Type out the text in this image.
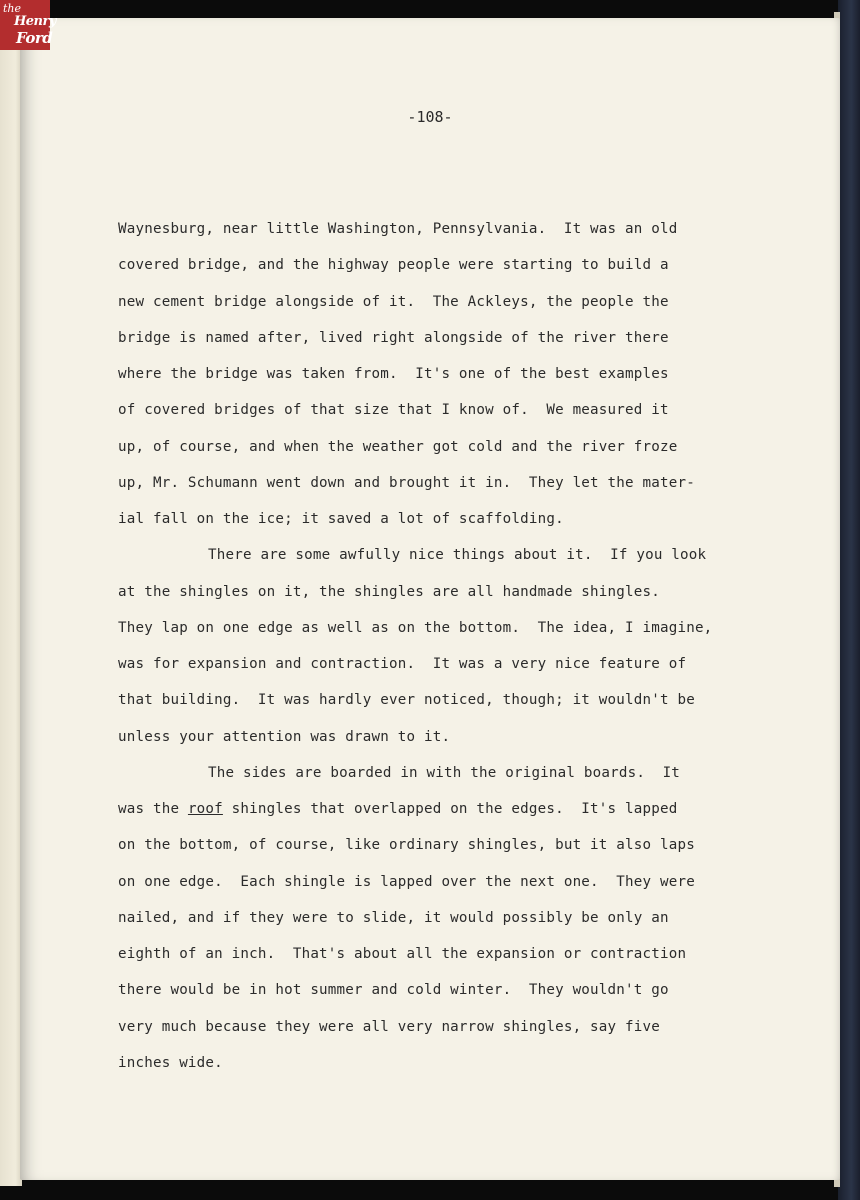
the
Henry
Ford
-108-
Waynesburg, near little Washington, Pennsylvania.  It was an old
covered bridge, and the highway people were starting to build a
new cement bridge alongside of it.  The Ackleys, the people the
bridge is named after, lived right alongside of the river there
where the bridge was taken from.  It's one of the best examples
of covered bridges of that size that I know of.  We measured it
up, of course, and when the weather got cold and the river froze
up, Mr. Schumann went down and brought it in.  They let the mater-
ial fall on the ice; it saved a lot of scaffolding.
There are some awfully nice things about it.  If you look
at the shingles on it, the shingles are all handmade shingles.
They lap on one edge as well as on the bottom.  The idea, I imagine,
was for expansion and contraction.  It was a very nice feature of
that building.  It was hardly ever noticed, though; it wouldn't be
unless your attention was drawn to it.
The sides are boarded in with the original boards.  It
was the roof shingles that overlapped on the edges.  It's lapped
on the bottom, of course, like ordinary shingles, but it also laps
on one edge.  Each shingle is lapped over the next one.  They were
nailed, and if they were to slide, it would possibly be only an
eighth of an inch.  That's about all the expansion or contraction
there would be in hot summer and cold winter.  They wouldn't go
very much because they were all very narrow shingles, say five
inches wide.
